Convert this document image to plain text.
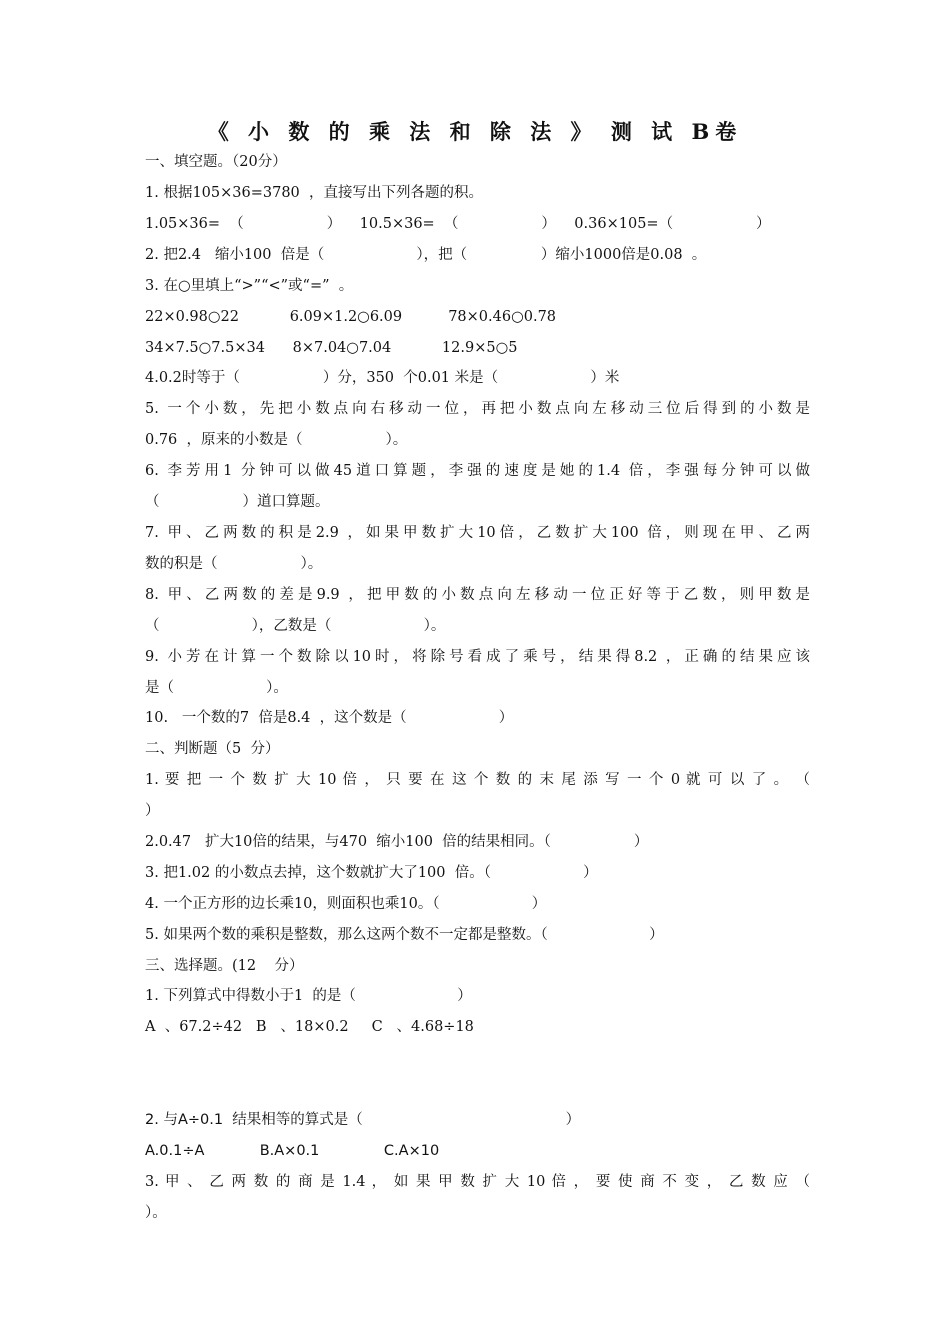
《 小 数 的 乘 法 和 除 法 》 测 试 B卷
一、填空题。（20分）
1. 根据105×36=3780  ，直接写出下列各题的积。
1.05×36=  （                  ）    10.5×36=  （                  ）    0.36×105=（                  ）
2. 把2.4   缩小100  倍是（                    ），把（                ）缩小1000倍是0.08  。
3. 在○里填上“>”“<”或“=”  。
22×0.98○22           6.09×1.2○6.09          78×0.46○0.78
34×7.5○7.5×34      8×7.04○7.04           12.9×5○5
4.0.2时等于（                  ）分，350  个0.01 米是（                    ）米
5. 一个小数，先把小数点向右移动一位，再把小数点向左移动三位后得到的小数是
0.76  ，原来的小数是（                  ）。
6. 李芳用1 分钟可以做45道口算题，李强的速度是她的1.4 倍，李强每分钟可以做
（                  ）道口算题。
7. 甲、乙两数的积是2.9 ，如果甲数扩大10倍，乙数扩大100 倍，则现在甲、乙两
数的积是（                  ）。
8. 甲、乙两数的差是9.9 ，把甲数的小数点向左移动一位正好等于乙数，则甲数是
（                    ），乙数是（                    ）。
9. 小芳在计算一个数除以10时，将除号看成了乘号，结果得8.2 ，正确的结果应该
是（                    ）。
10.   一个数的7  倍是8.4  ，这个数是（                    ）
二、判断题（5  分）
1. 要 把 一 个 数 扩 大 10 倍 ， 只 要 在 这 个 数 的 末 尾 添 写 一 个 0 就 可 以 了 。 （
）
2.0.47   扩大10倍的结果，与470  缩小100  倍的结果相同。（                  ）
3. 把1.02 的小数点去掉，这个数就扩大了100  倍。（                    ）
4. 一个正方形的边长乘10，则面积也乘10。（                    ）
5. 如果两个数的乘积是整数，那么这两个数不一定都是整数。（                      ）
三、选择题。(12    分）
1. 下列算式中得数小于1  的是（                      ）
A  、67.2÷42   B   、18×0.2     C   、4.68÷18
2. 与A÷0.1  结果相等的算式是（                                            ）
A.0.1÷A            B.A×0.1              C.A×10
3. 甲 、 乙 两 数 的 商 是 1.4 ， 如 果 甲 数 扩 大 10 倍 ， 要 使 商 不 变 ， 乙 数 应 （
）。
